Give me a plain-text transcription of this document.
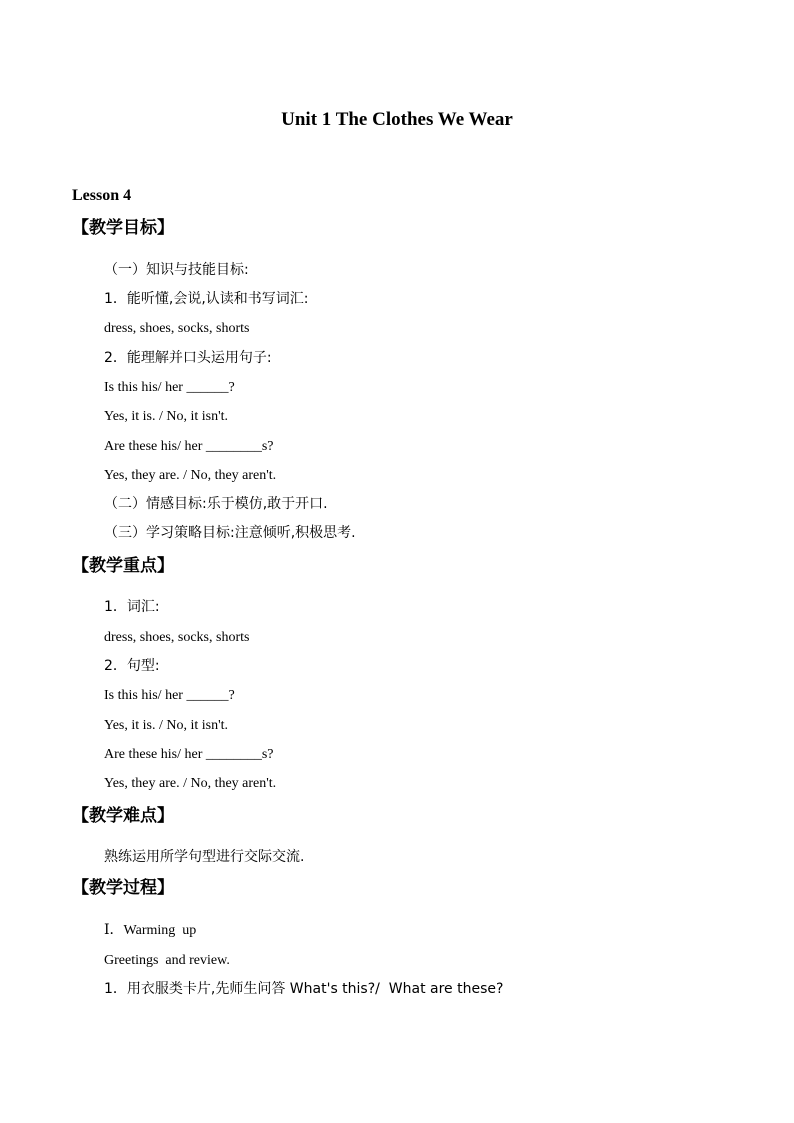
Unit 1 The Clothes We Wear
Lesson 4
【教学目标】
（一）知识与技能目标:
1．能听懂,会说,认读和书写词汇:
dress, shoes, socks, shorts
2．能理解并口头运用句子:
Is this his/ her ______?
Yes, it is. / No, it isn't.
Are these his/ her ________s?
Yes, they are. / No, they aren't.
（二）情感目标:乐于模仿,敢于开口.
（三）学习策略目标:注意倾听,积极思考.
【教学重点】
1．词汇:
dress, shoes, socks, shorts
2．句型:
Is this his/ her ______?
Yes, it is. / No, it isn't.
Are these his/ her ________s?
Yes, they are. / No, they aren't.
【教学难点】
熟练运用所学句型进行交际交流.
【教学过程】
Ⅰ．Warming  up
Greetings  and review.
1．用衣服类卡片,先师生问答 What's this?/  What are these?
